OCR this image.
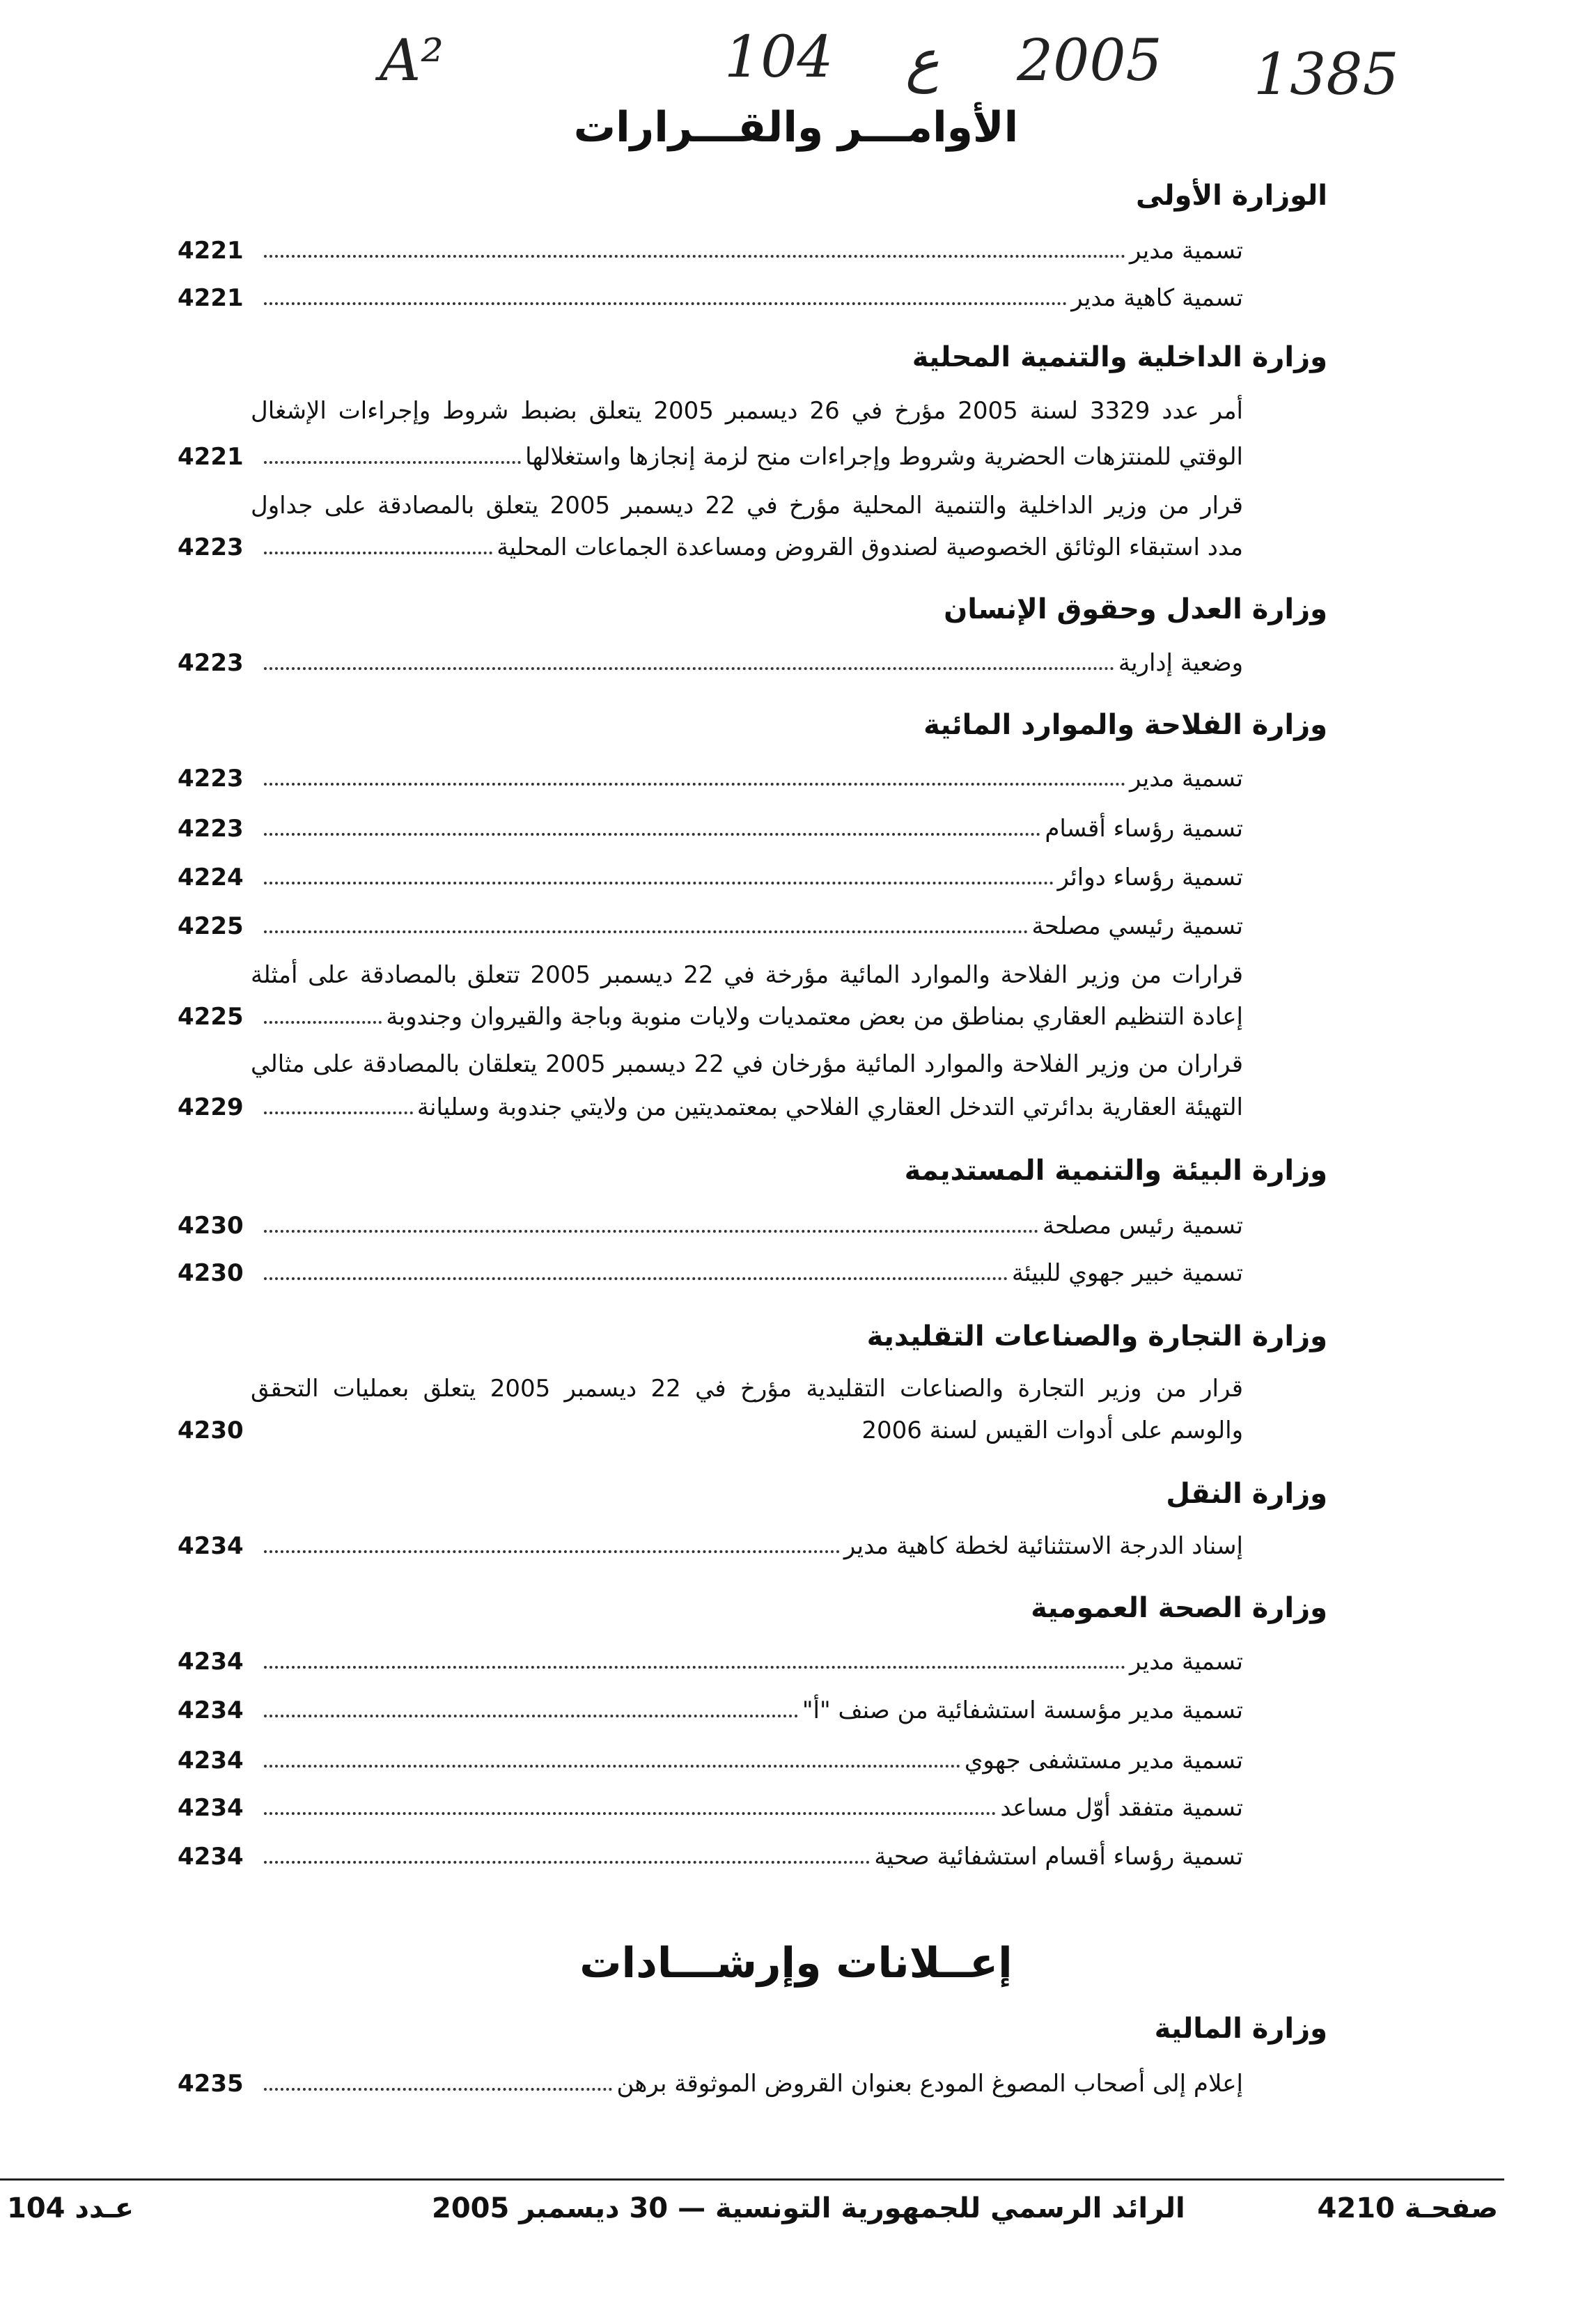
A²	104 ع 2005 1385
الأوامـــر والقـــرارات
الوزارة الأولى
4221	تسمية مدير
4221	تسمية كاهية مدير
وزارة الداخلية والتنمية المحلية
أمر عدد 3329 لسنة 2005 مؤرخ في 26 ديسمبر 2005 يتعلق بضبط شروط وإجراءات الإشغال
4221	الوقتي للمنتزهات الحضرية وشروط وإجراءات منح لزمة إنجازها واستغلالها
قرار من وزير الداخلية والتنمية المحلية مؤرخ في 22 ديسمبر 2005 يتعلق بالمصادقة على جداول
4223	مدد استبقاء الوثائق الخصوصية لصندوق القروض ومساعدة الجماعات المحلية
وزارة العدل وحقوق الإنسان
4223	وضعية إدارية
وزارة الفلاحة والموارد المائية
4223	تسمية مدير
4223	تسمية رؤساء أقسام
4224	تسمية رؤساء دوائر
4225	تسمية رئيسي مصلحة
قرارات من وزير الفلاحة والموارد المائية مؤرخة في 22 ديسمبر 2005 تتعلق بالمصادقة على أمثلة
4225	إعادة التنظيم العقاري بمناطق من بعض معتمديات ولايات منوبة وباجة والقيروان وجندوبة
قراران من وزير الفلاحة والموارد المائية مؤرخان في 22 ديسمبر 2005 يتعلقان بالمصادقة على مثالي
4229	التهيئة العقارية بدائرتي التدخل العقاري الفلاحي بمعتمديتين من ولايتي جندوبة وسليانة
وزارة البيئة والتنمية المستديمة
4230	تسمية رئيس مصلحة
4230	تسمية خبير جهوي للبيئة
وزارة التجارة والصناعات التقليدية
قرار من وزير التجارة والصناعات التقليدية مؤرخ في 22 ديسمبر 2005 يتعلق بعمليات التحقق
4230	والوسم على أدوات القيس لسنة 2006
وزارة النقل
4234	إسناد الدرجة الاستثنائية لخطة كاهية مدير
وزارة الصحة العمومية
4234	تسمية مدير
4234	تسمية مدير مؤسسة استشفائية من صنف "أ"
4234	تسمية مدير مستشفى جهوي
4234	تسمية متفقد أوّل مساعد
4234	تسمية رؤساء أقسام استشفائية صحية
إعــلانات وإرشـــادات
وزارة المالية
4235	إعلام إلى أصحاب المصوغ المودع بعنوان القروض الموثوقة برهن
عـدد 104	الرائد الرسمي للجمهورية التونسية — 30 ديسمبر 2005	صفحـة 4210
